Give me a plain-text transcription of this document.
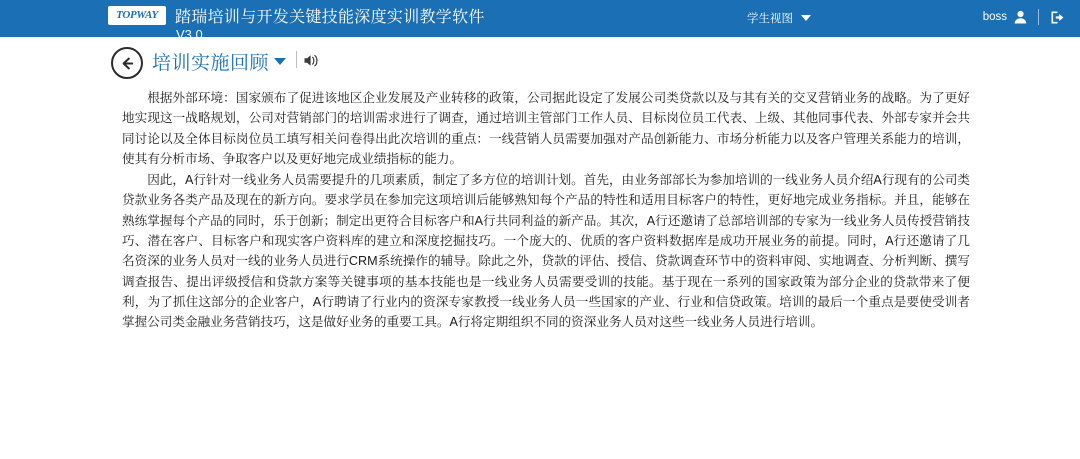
TOPWAY 踏瑞培训与开发关键技能深度实训教学软件
V3.0
学生视图	boss
培训实施回顾

根据外部环境：国家颁布了促进该地区企业发展及产业转移的政策，公司据此设定了发展公司类贷款以及与其有关的交叉营销业务的战略。为了更好地实现这一战略规划，公司对营销部门的培训需求进行了调查，通过培训主管部门工作人员、目标岗位员工代表、上级、其他同事代表、外部专家并会共同讨论以及全体目标岗位员工填写相关问卷得出此次培训的重点：一线营销人员需要加强对产品创新能力、市场分析能力以及客户管理关系能力的培训，使其有分析市场、争取客户以及更好地完成业绩指标的能力。

因此，A行针对一线业务人员需要提升的几项素质，制定了多方位的培训计划。首先，由业务部部长为参加培训的一线业务人员介绍A行现有的公司类贷款业务各类产品及现在的新方向。要求学员在参加完这项培训后能够熟知每个产品的特性和适用目标客户的特性，更好地完成业务指标。并且，能够在熟练掌握每个产品的同时，乐于创新；制定出更符合目标客户和A行共同利益的新产品。其次，A行还邀请了总部培训部的专家为一线业务人员传授营销技巧、潜在客户、目标客户和现实客户资料库的建立和深度挖掘技巧。一个庞大的、优质的客户资料数据库是成功开展业务的前提。同时，A行还邀请了几名资深的业务人员对一线的业务人员进行CRM系统操作的辅导。除此之外，贷款的评估、授信、贷款调查环节中的资料审阅、实地调查、分析判断、撰写调查报告、提出评级授信和贷款方案等关键事项的基本技能也是一线业务人员需要受训的技能。基于现在一系列的国家政策为部分企业的贷款带来了便利，为了抓住这部分的企业客户，A行聘请了行业内的资深专家教授一线业务人员一些国家的产业、行业和信贷政策。培训的最后一个重点是要使受训者掌握公司类金融业务营销技巧，这是做好业务的重要工具。A行将定期组织不同的资深业务人员对这些一线业务人员进行培训。
